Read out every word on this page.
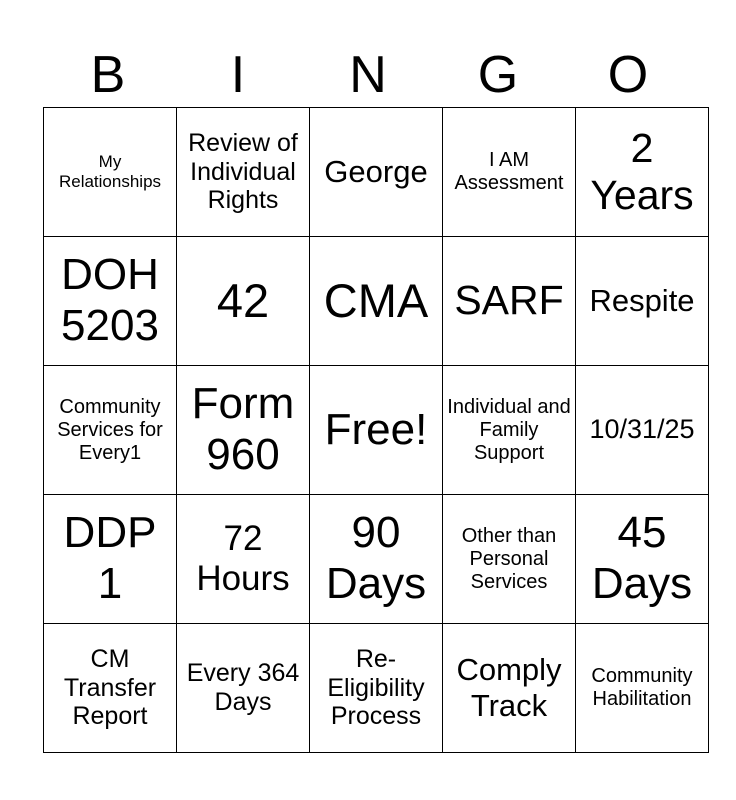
B	I	N	G	O
My Relationships	Review of Individual Rights	George	I AM Assessment	2 Years
DOH 5203	42	CMA	SARF	Respite
Community Services for Every1	Form 960	Free!	Individual and Family Support	10/31/25
DDP 1	72 Hours	90 Days	Other than Personal Services	45 Days
CM Transfer Report	Every 364 Days	Re-Eligibility Process	Comply Track	Community Habilitation
